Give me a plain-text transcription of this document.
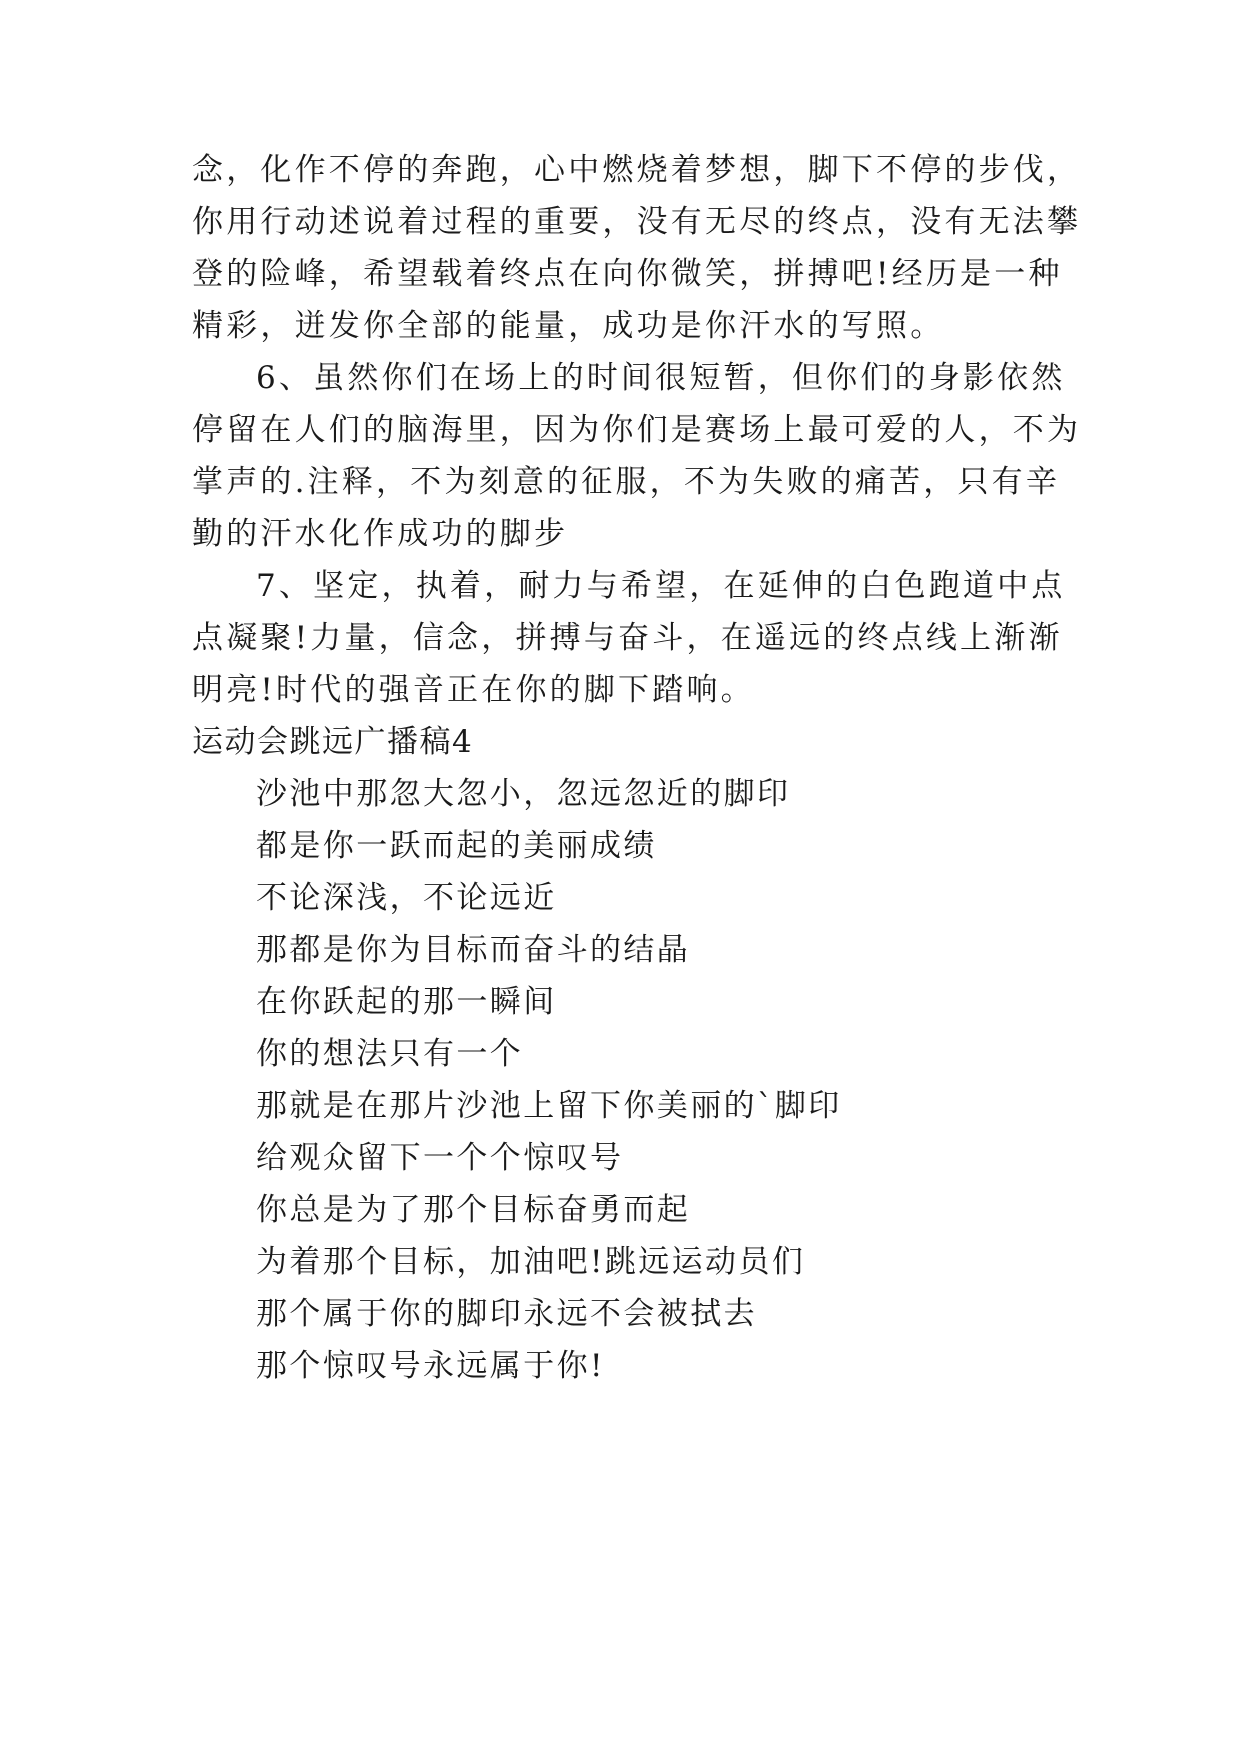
念，化作不停的奔跑，心中燃烧着梦想，脚下不停的步伐，
你用行动述说着过程的重要，没有无尽的终点，没有无法攀
登的险峰，希望载着终点在向你微笑，拼搏吧!经历是一种
精彩，迸发你全部的能量，成功是你汗水的写照。
6、虽然你们在场上的时间很短暂，但你们的身影依然
停留在人们的脑海里，因为你们是赛场上最可爱的人，不为
掌声的.注释，不为刻意的征服，不为失败的痛苦，只有辛
勤的汗水化作成功的脚步
7、坚定，执着，耐力与希望，在延伸的白色跑道中点
点凝聚!力量，信念，拼搏与奋斗，在遥远的终点线上渐渐
明亮!时代的强音正在你的脚下踏响。
运动会跳远广播稿4
沙池中那忽大忽小，忽远忽近的脚印
都是你一跃而起的美丽成绩
不论深浅，不论远近
那都是你为目标而奋斗的结晶
在你跃起的那一瞬间
你的想法只有一个
那就是在那片沙池上留下你美丽的`脚印
给观众留下一个个惊叹号
你总是为了那个目标奋勇而起
为着那个目标，加油吧!跳远运动员们
那个属于你的脚印永远不会被拭去
那个惊叹号永远属于你!
